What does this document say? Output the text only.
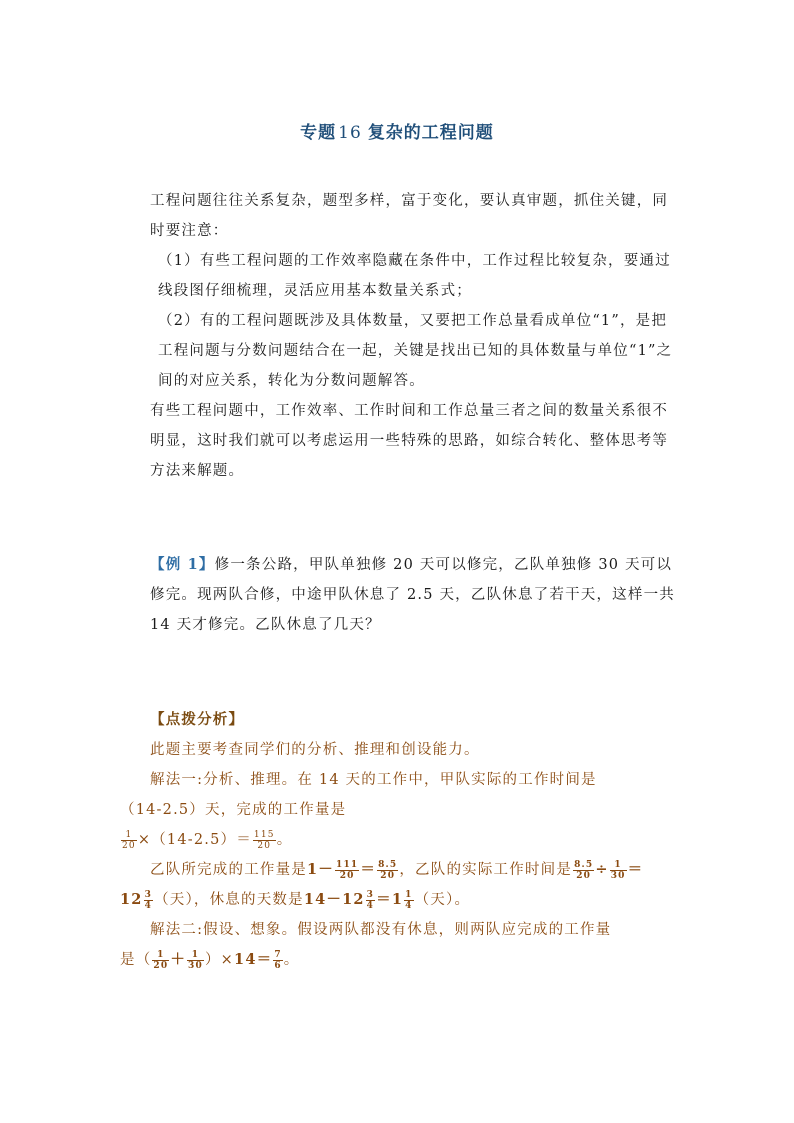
专题 16 复杂的工程问题
工程问题往往关系复杂，题型多样，富于变化，要认真审题，抓住关键，同时要注意：
（1）有些工程问题的工作效率隐藏在条件中，工作过程比较复杂，要通过线段图仔细梳理，灵活应用基本数量关系式；
（2）有的工程问题既涉及具体数量，又要把工作总量看成单位“1”，是把工程问题与分数问题结合在一起，关键是找出已知的具体数量与单位“1”之间的对应关系，转化为分数问题解答。
有些工程问题中，工作效率、工作时间和工作总量三者之间的数量关系很不明显，这时我们就可以考虑运用一些特殊的思路，如综合转化、整体思考等方法来解题。
【例 1】修一条公路，甲队单独修 20 天可以修完，乙队单独修 30 天可以修完。现两队合修，中途甲队休息了 2.5 天，乙队休息了若干天，这样一共 14 天才修完。乙队休息了几天？
【点拨分析】
此题主要考查同学们的分析、推理和创设能力。
解法一:分析、推理。在 14 天的工作中，甲队实际的工作时间是
（14-2.5）天，完成的工作量是
$\frac{1}{20} \times(14-2.5)= \frac{115}{20}$ 。
乙队所完成的工作量是$1- \frac{111}{20} = \frac{8.5}{20}$ ，乙队的实际工作时间是 $\frac{8.5}{20} \div \frac{1}{30}$ ＝
$12 \frac{3}{4}$ （天），休息的天数是$14-12 \frac{3}{4} =1 \frac{1}{4}$ （天）。
解法二:假设、想象。假设两队都没有休息，则两队应完成的工作量
是（ $\frac{1}{20} + \frac{1}{30} )\times 14= \frac{7}{6}$ 。
